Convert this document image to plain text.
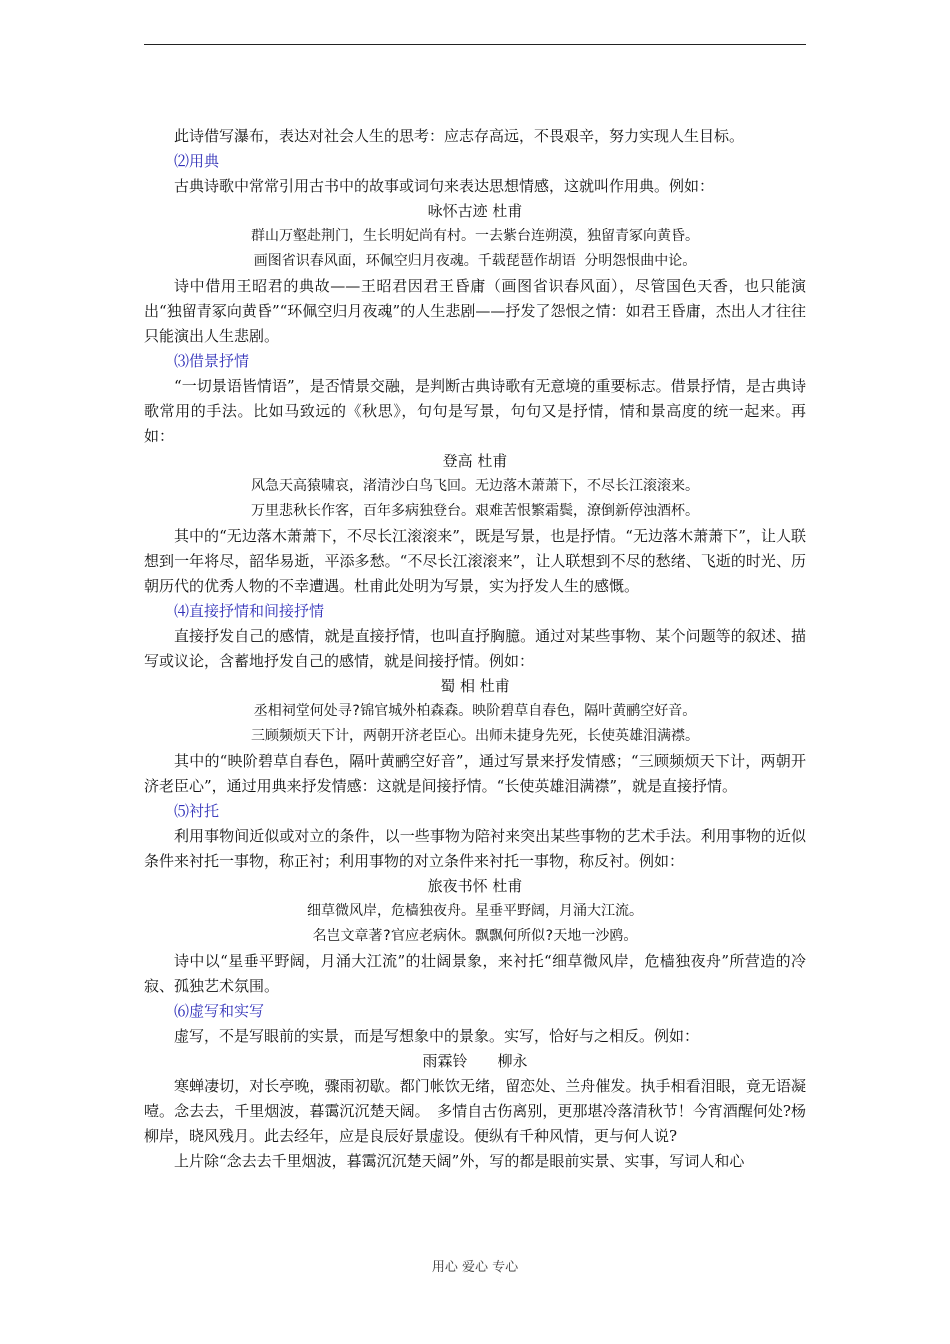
此诗借写瀑布，表达对社会人生的思考：应志存高远，不畏艰辛，努力实现人生目标。

⑵用典

古典诗歌中常常引用古书中的故事或词句来表达思想情感，这就叫作用典。例如：

咏怀古迹 杜甫

群山万壑赴荆门，生长明妃尚有村。一去紫台连朔漠，独留青冢向黄昏。

画图省识春风面，环佩空归月夜魂。千载琵琶作胡语 分明怨恨曲中论。

诗中借用王昭君的典故——王昭君因君王昏庸（画图省识春风面），尽管国色天香，也只能演出“独留青冢向黄昏”“环佩空归月夜魂”的人生悲剧——抒发了怨恨之情：如君王昏庸，杰出人才往往只能演出人生悲剧。

⑶借景抒情

“一切景语皆情语”，是否情景交融，是判断古典诗歌有无意境的重要标志。借景抒情，是古典诗歌常用的手法。比如马致远的《秋思》，句句是写景，句句又是抒情，情和景高度的统一起来。再如：

登高 杜甫

风急天高猿啸哀，渚清沙白鸟飞回。无边落木萧萧下，不尽长江滚滚来。

万里悲秋长作客，百年多病独登台。艰难苦恨繁霜鬓，潦倒新停浊酒杯。

其中的“无边落木萧萧下，不尽长江滚滚来”，既是写景，也是抒情。“无边落木萧萧下”，让人联想到一年将尽，韶华易逝，平添多愁。“不尽长江滚滚来”，让人联想到不尽的愁绪、飞逝的时光、历朝历代的优秀人物的不幸遭遇。杜甫此处明为写景，实为抒发人生的感慨。

⑷直接抒情和间接抒情

直接抒发自己的感情，就是直接抒情，也叫直抒胸臆。通过对某些事物、某个问题等的叙述、描写或议论，含蓄地抒发自己的感情，就是间接抒情。例如：

蜀 相 杜甫

丞相祠堂何处寻?锦官城外柏森森。映阶碧草自春色，隔叶黄鹂空好音。

三顾频烦天下计，两朝开济老臣心。出师未捷身先死，长使英雄泪满襟。

其中的“映阶碧草自春色，隔叶黄鹂空好音”，通过写景来抒发情感；“三顾频烦天下计，两朝开济老臣心”，通过用典来抒发情感：这就是间接抒情。“长使英雄泪满襟”，就是直接抒情。

⑸衬托

利用事物间近似或对立的条件，以一些事物为陪衬来突出某些事物的艺术手法。利用事物的近似条件来衬托一事物，称正衬；利用事物的对立条件来衬托一事物，称反衬。例如：

旅夜书怀 杜甫

细草微风岸，危樯独夜舟。星垂平野阔，月涌大江流。

名岂文章著?官应老病休。飘飘何所似?天地一沙鸥。

诗中以“星垂平野阔，月涌大江流”的壮阔景象，来衬托“细草微风岸，危樯独夜舟”所营造的冷寂、孤独艺术氛围。

⑹虚写和实写

虚写，不是写眼前的实景，而是写想象中的景象。实写，恰好与之相反。例如：

雨霖铃　　柳永

寒蝉凄切，对长亭晚，骤雨初歇。都门帐饮无绪，留恋处、兰舟催发。执手相看泪眼，竟无语凝噎。念去去，千里烟波，暮霭沉沉楚天阔。　多情自古伤离别，更那堪冷落清秋节！今宵酒醒何处?杨柳岸，晓风残月。此去经年，应是良辰好景虚设。便纵有千种风情，更与何人说?

上片除“念去去千里烟波，暮霭沉沉楚天阔”外，写的都是眼前实景、实事，写词人和心

用心 爱心 专心
